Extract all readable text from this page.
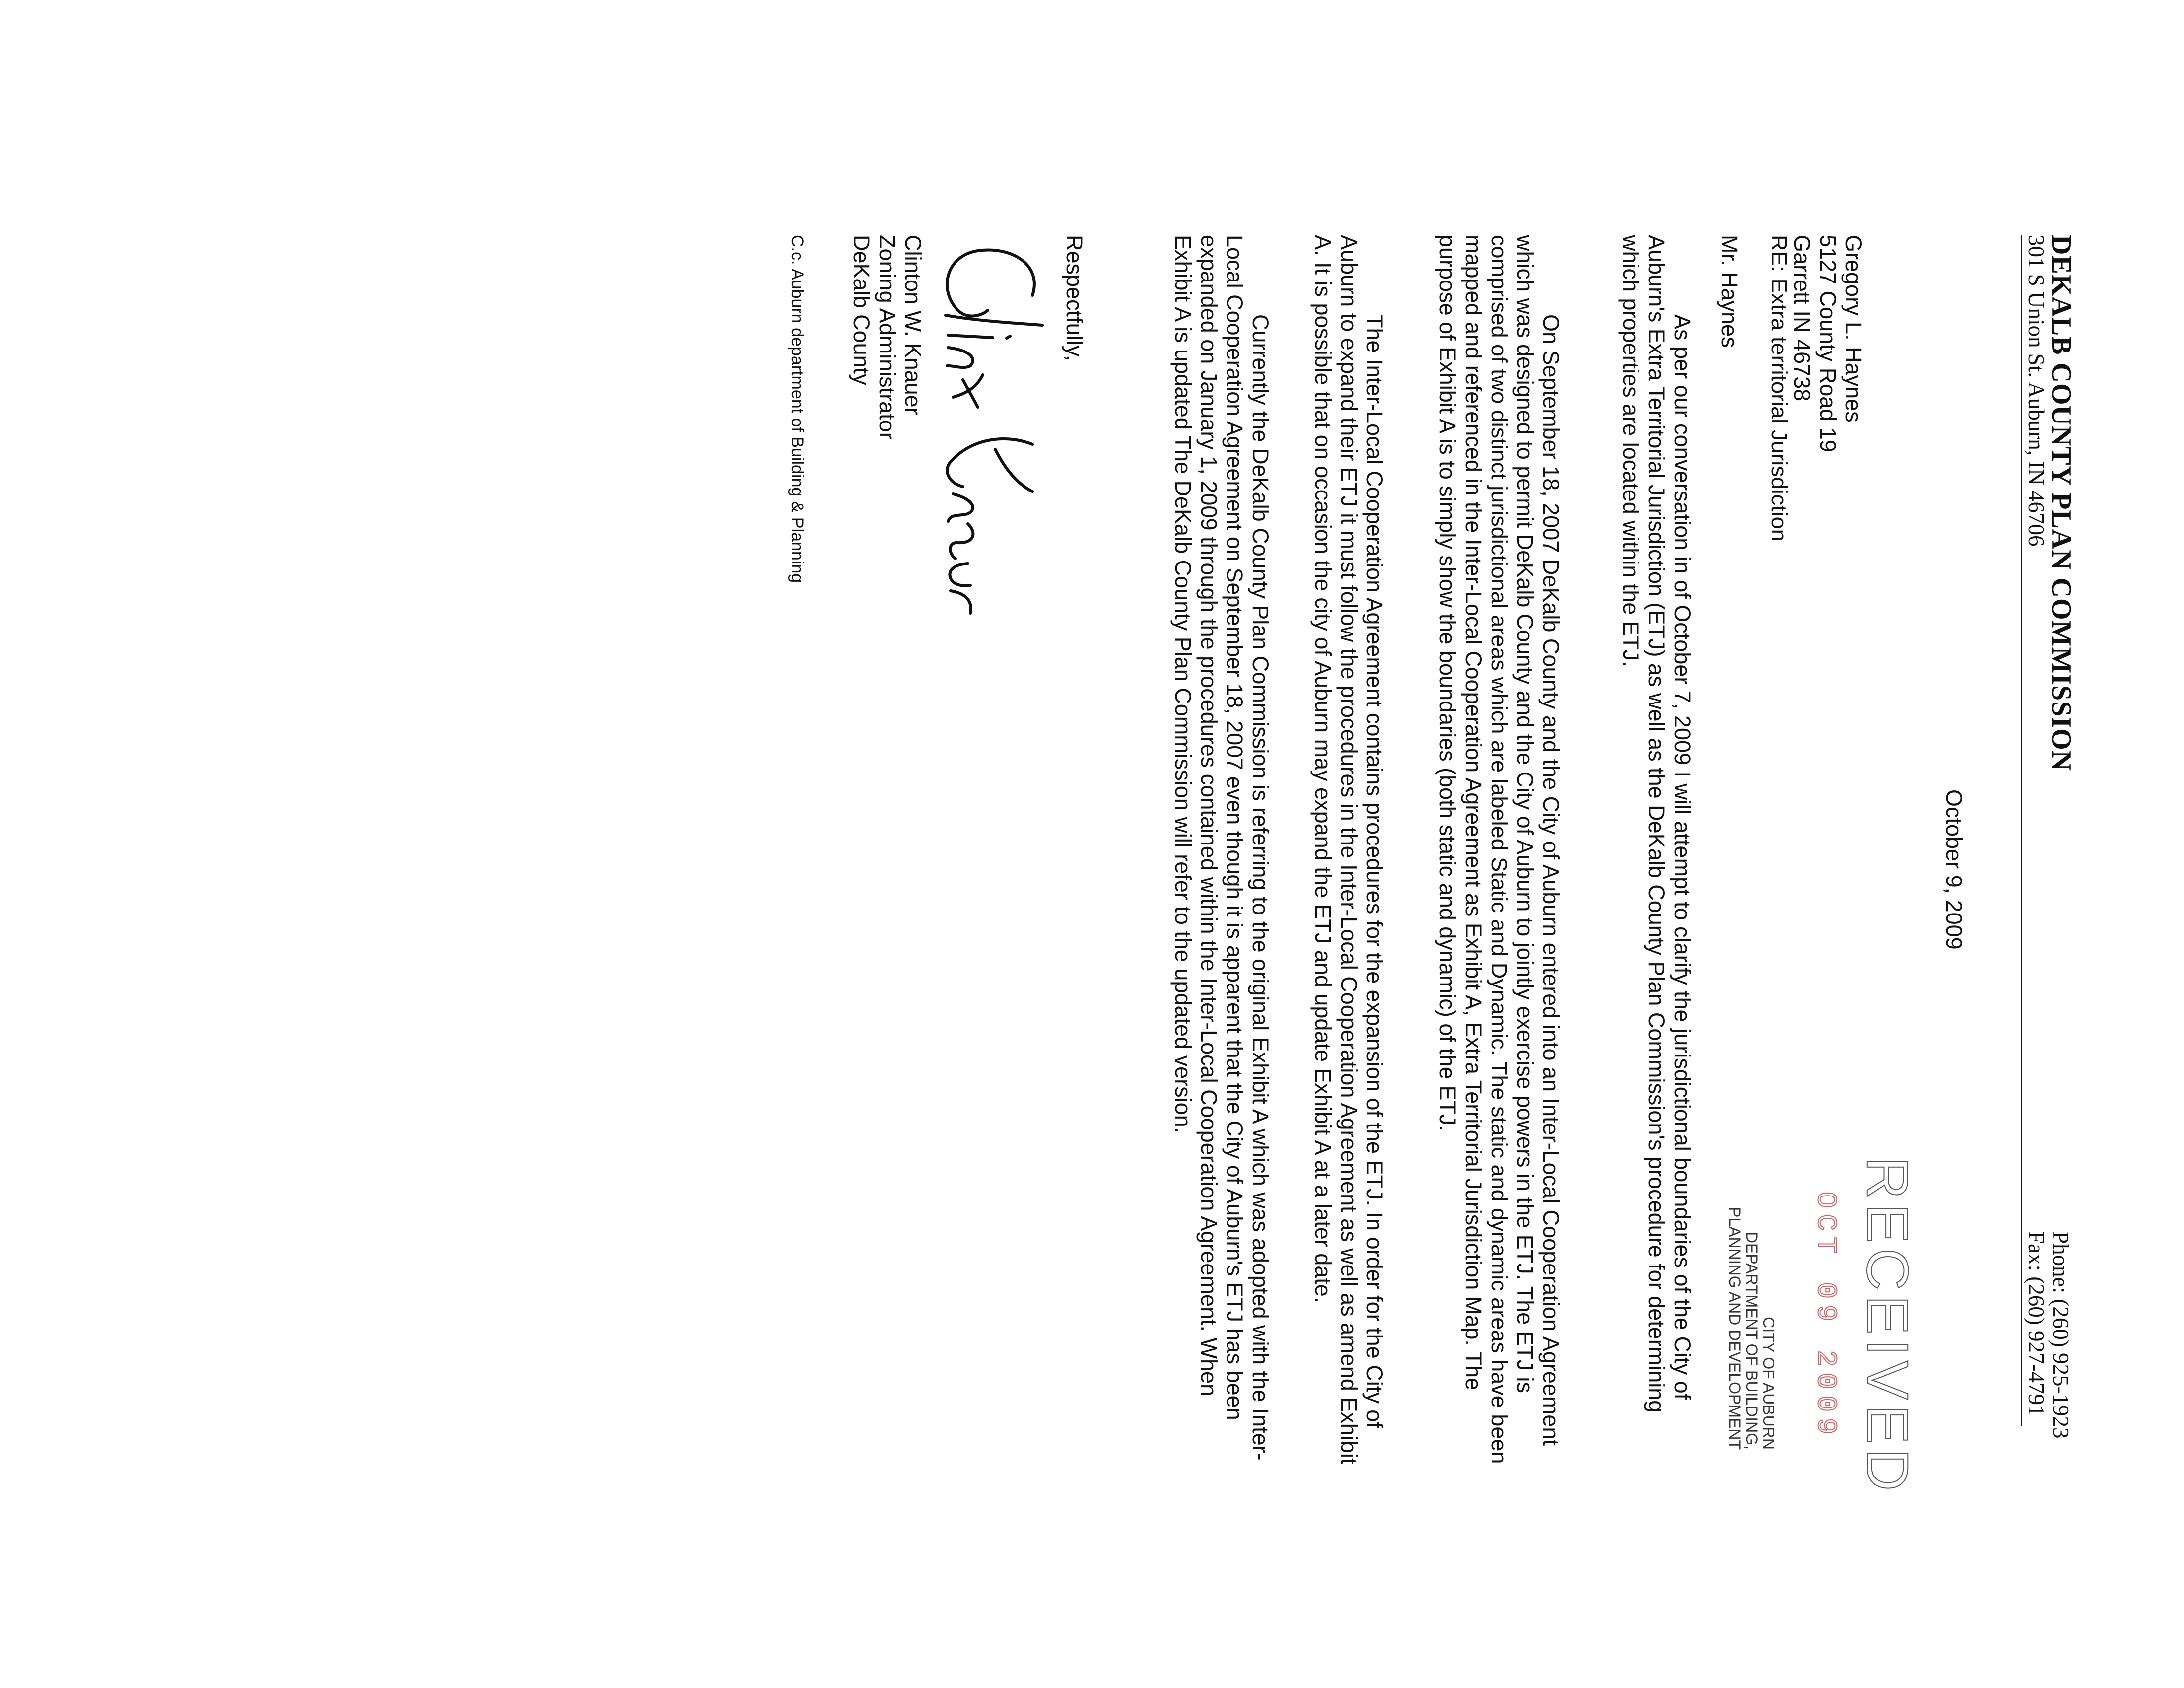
DEKALB COUNTY PLAN COMMISSION
301 S Union St. Auburn, IN 46706
Phone: (260) 925-1923
Fax: (260) 927-4791
October 9, 2009
RECEIVED
OCT 09 2009
CITY OF AUBURN
DEPARTMENT OF BUILDING,
PLANNING AND DEVELOPMENT
Gregory L. Haynes
5127 County Road 19
Garrett IN 46738
RE: Extra territorial Jurisdiction
Mr. Haynes

As per our conversation in of October 7, 2009 I will attempt to clarify the jurisdictional boundaries of the City of Auburn's Extra Territorial Jurisdiction (ETJ) as well as the DeKalb County Plan Commission's procedure for determining which properties are located within the ETJ.

On September 18, 2007 DeKalb County and the City of Auburn entered into an Inter-Local Cooperation Agreement which was designed to permit DeKalb County and the City of Auburn to jointly exercise powers in the ETJ. The ETJ is comprised of two distinct jurisdictional areas which are labeled Static and Dynamic. The static and dynamic areas have been mapped and referenced in the Inter-Local Cooperation Agreement as Exhibit A, Extra Territorial Jurisdiction Map. The purpose of Exhibit A is to simply show the boundaries (both static and dynamic) of the ETJ.

The Inter-Local Cooperation Agreement contains procedures for the expansion of the ETJ. In order for the City of Auburn to expand their ETJ it must follow the procedures in the Inter-Local Cooperation Agreement as well as amend Exhibit A. It is possible that on occasion the city of Auburn may expand the ETJ and update Exhibit A at a later date.

Currently the DeKalb County Plan Commission is referring to the original Exhibit A which was adopted with the Inter-Local Cooperation Agreement on September 18, 2007 even though it is apparent that the City of Auburn's ETJ has been expanded on January 1, 2009 through the procedures contained within the Inter-Local Cooperation Agreement. When Exhibit A is updated The DeKalb County Plan Commission will refer to the updated version.

Respectfully,
Clinton W. Knauer
Zoning Administrator
DeKalb County
C.c. Auburn department of Building & Planning
